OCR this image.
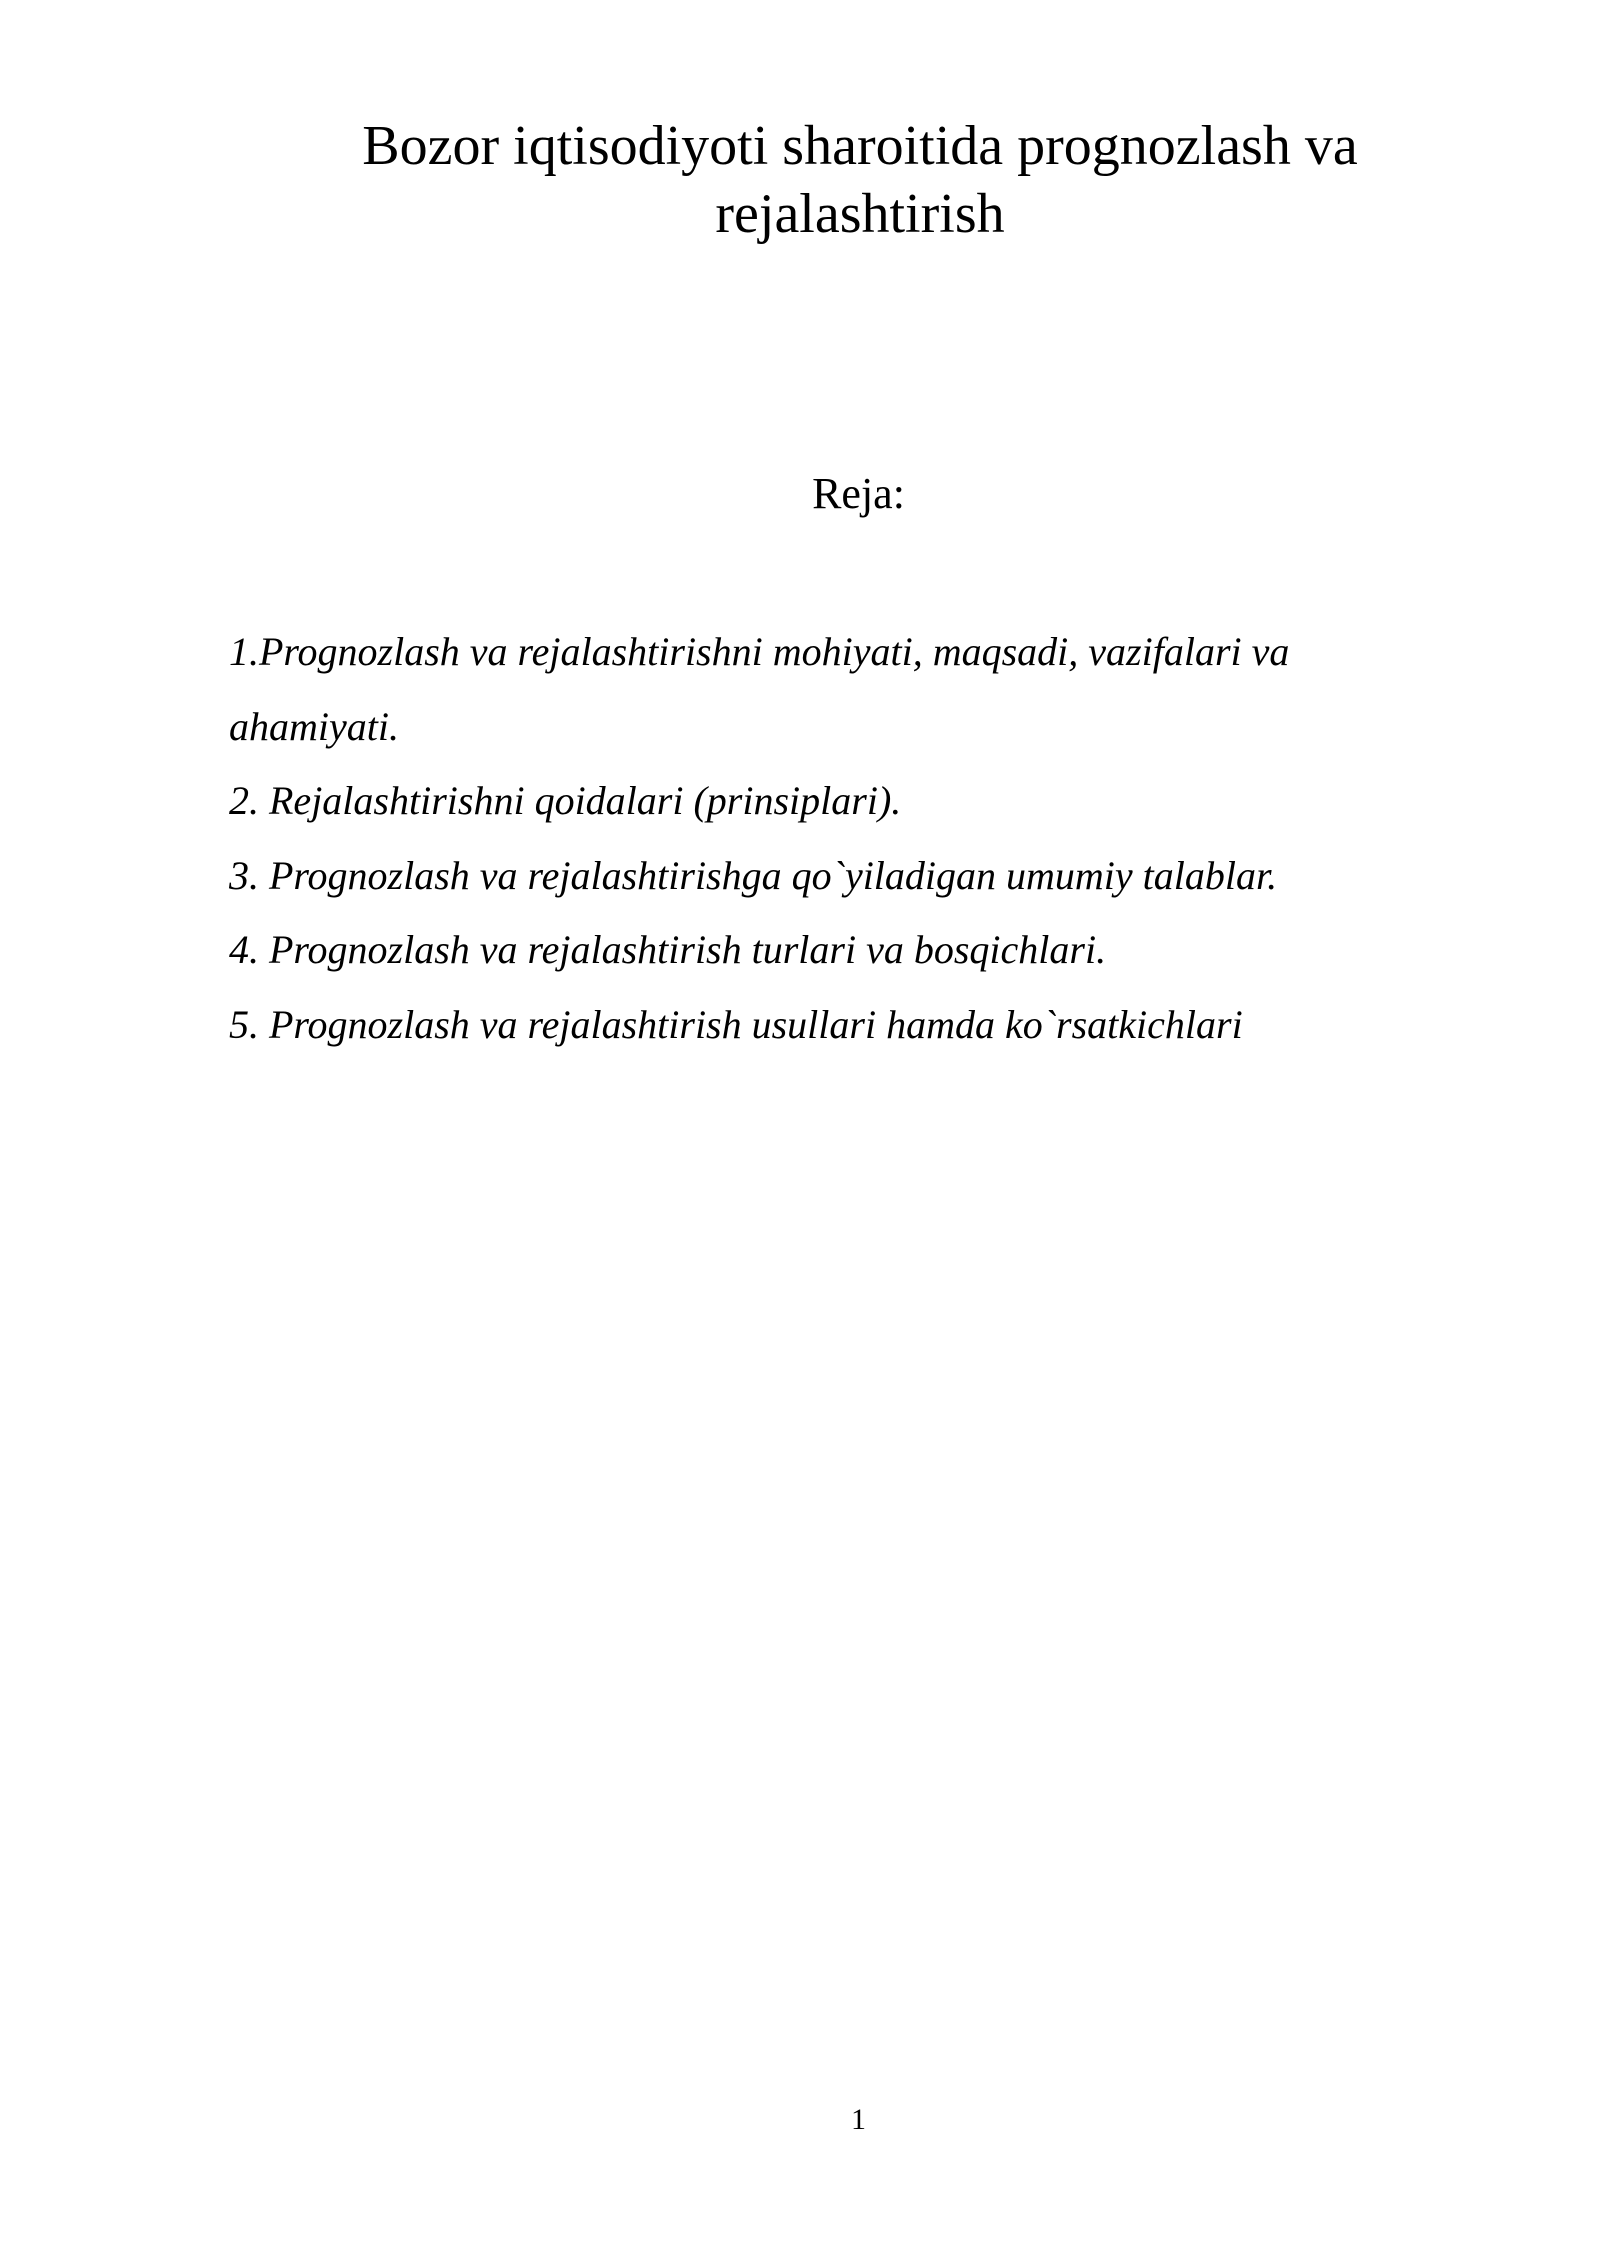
Bozor iqtisodiyoti sharoitida prognozlash va rejalashtirish

Reja:

1.Prognozlash va rejalashtirishni mohiyati, maqsadi, vazifalari va ahamiyati.
2. Rejalashtirishni qoidalari (prinsiplari).
3. Prognozlash va rejalashtirishga qo`yiladigan umumiy talablar.
4. Prognozlash va rejalashtirish turlari va bosqichlari.
5. Prognozlash va rejalashtirish usullari hamda ko`rsatkichlari
1
